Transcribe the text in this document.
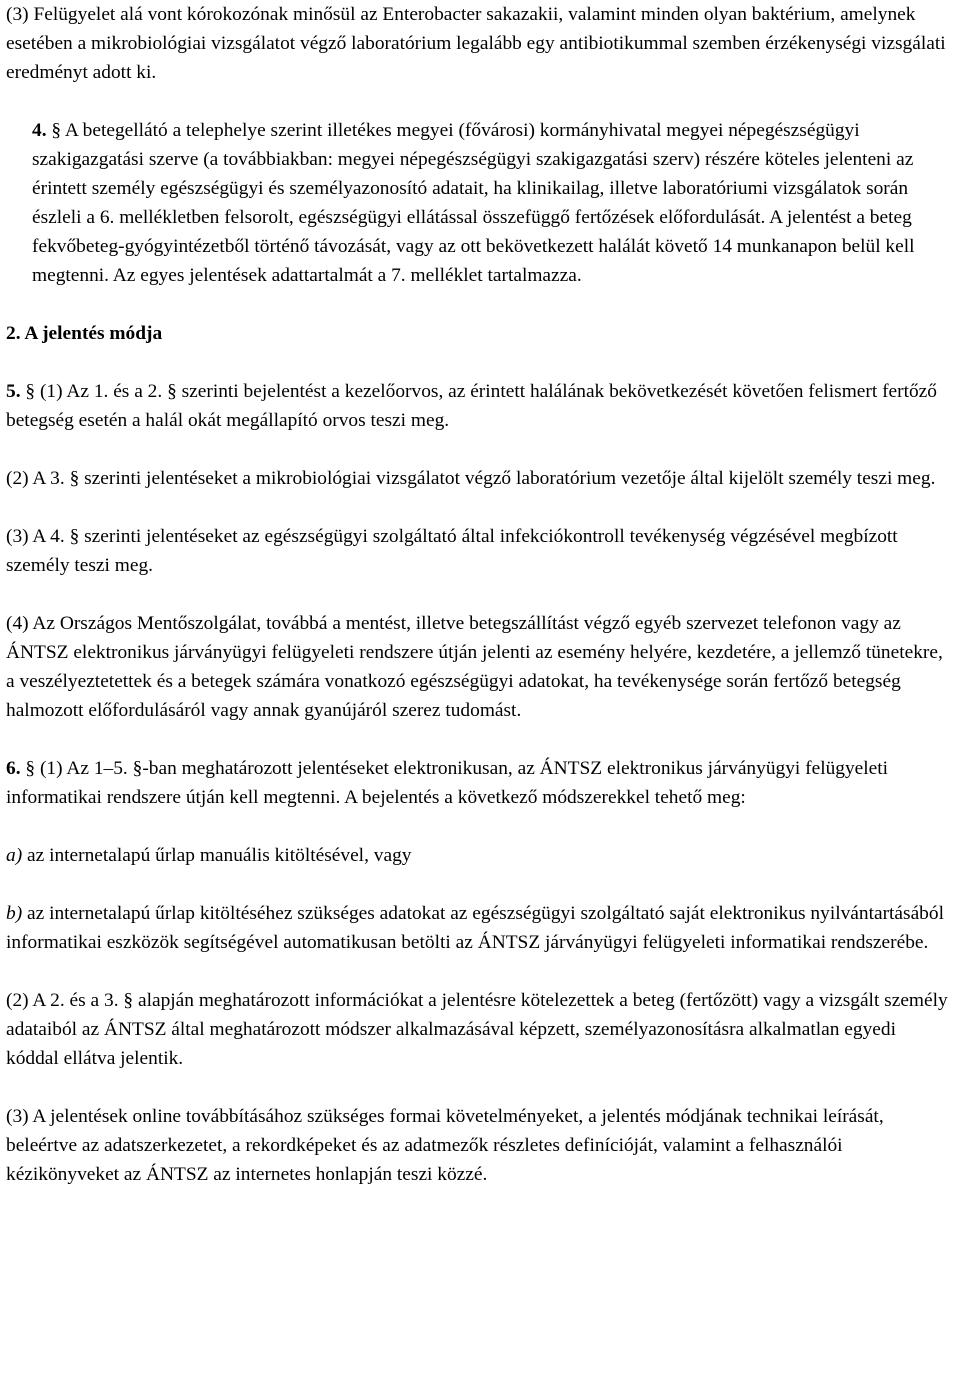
(3) Felügyelet alá vont kórokozónak minősül az Enterobacter sakazakii, valamint minden olyan baktérium, amelynek esetében a mikrobiológiai vizsgálatot végző laboratórium legalább egy antibiotikummal szemben érzékenységi vizsgálati eredményt adott ki.

4. § A betegellátó a telephelye szerint illetékes megyei (fővárosi) kormányhivatal megyei népegészségügyi szakigazgatási szerve (a továbbiakban: megyei népegészségügyi szakigazgatási szerv) részére köteles jelenteni az érintett személy egészségügyi és személyazonosító adatait, ha klinikailag, illetve laboratóriumi vizsgálatok során észleli a 6. mellékletben felsorolt, egészségügyi ellátással összefüggő fertőzések előfordulását. A jelentést a beteg fekvőbeteg-gyógyintézetből történő távozását, vagy az ott bekövetkezett halálát követő 14 munkanapon belül kell megtenni. Az egyes jelentések adattartalmát a 7. melléklet tartalmazza.

2. A jelentés módja

5. § (1) Az 1. és a 2. § szerinti bejelentést a kezelőorvos, az érintett halálának bekövetkezését követően felismert fertőző betegség esetén a halál okát megállapító orvos teszi meg.

(2) A 3. § szerinti jelentéseket a mikrobiológiai vizsgálatot végző laboratórium vezetője által kijelölt személy teszi meg.

(3) A 4. § szerinti jelentéseket az egészségügyi szolgáltató által infekciókontroll tevékenység végzésével megbízott személy teszi meg.

(4) Az Országos Mentőszolgálat, továbbá a mentést, illetve betegszállítást végző egyéb szervezet telefonon vagy az ÁNTSZ elektronikus járványügyi felügyeleti rendszere útján jelenti az esemény helyére, kezdetére, a jellemző tünetekre, a veszélyeztetettek és a betegek számára vonatkozó egészségügyi adatokat, ha tevékenysége során fertőző betegség halmozott előfordulásáról vagy annak gyanújáról szerez tudomást.

6. § (1) Az 1–5. §-ban meghatározott jelentéseket elektronikusan, az ÁNTSZ elektronikus járványügyi felügyeleti informatikai rendszere útján kell megtenni. A bejelentés a következő módszerekkel tehető meg:

a) az internetalapú űrlap manuális kitöltésével, vagy

b) az internetalapú űrlap kitöltéséhez szükséges adatokat az egészségügyi szolgáltató saját elektronikus nyilvántartásából informatikai eszközök segítségével automatikusan betölti az ÁNTSZ járványügyi felügyeleti informatikai rendszerébe.

(2) A 2. és a 3. § alapján meghatározott információkat a jelentésre kötelezettek a beteg (fertőzött) vagy a vizsgált személy adataiból az ÁNTSZ által meghatározott módszer alkalmazásával képzett, személyazonosításra alkalmatlan egyedi kóddal ellátva jelentik.

(3) A jelentések online továbbításához szükséges formai követelményeket, a jelentés módjának technikai leírását, beleértve az adatszerkezetet, a rekordképeket és az adatmezők részletes definícióját, valamint a felhasználói kézikönyveket az ÁNTSZ az internetes honlapján teszi közzé.
